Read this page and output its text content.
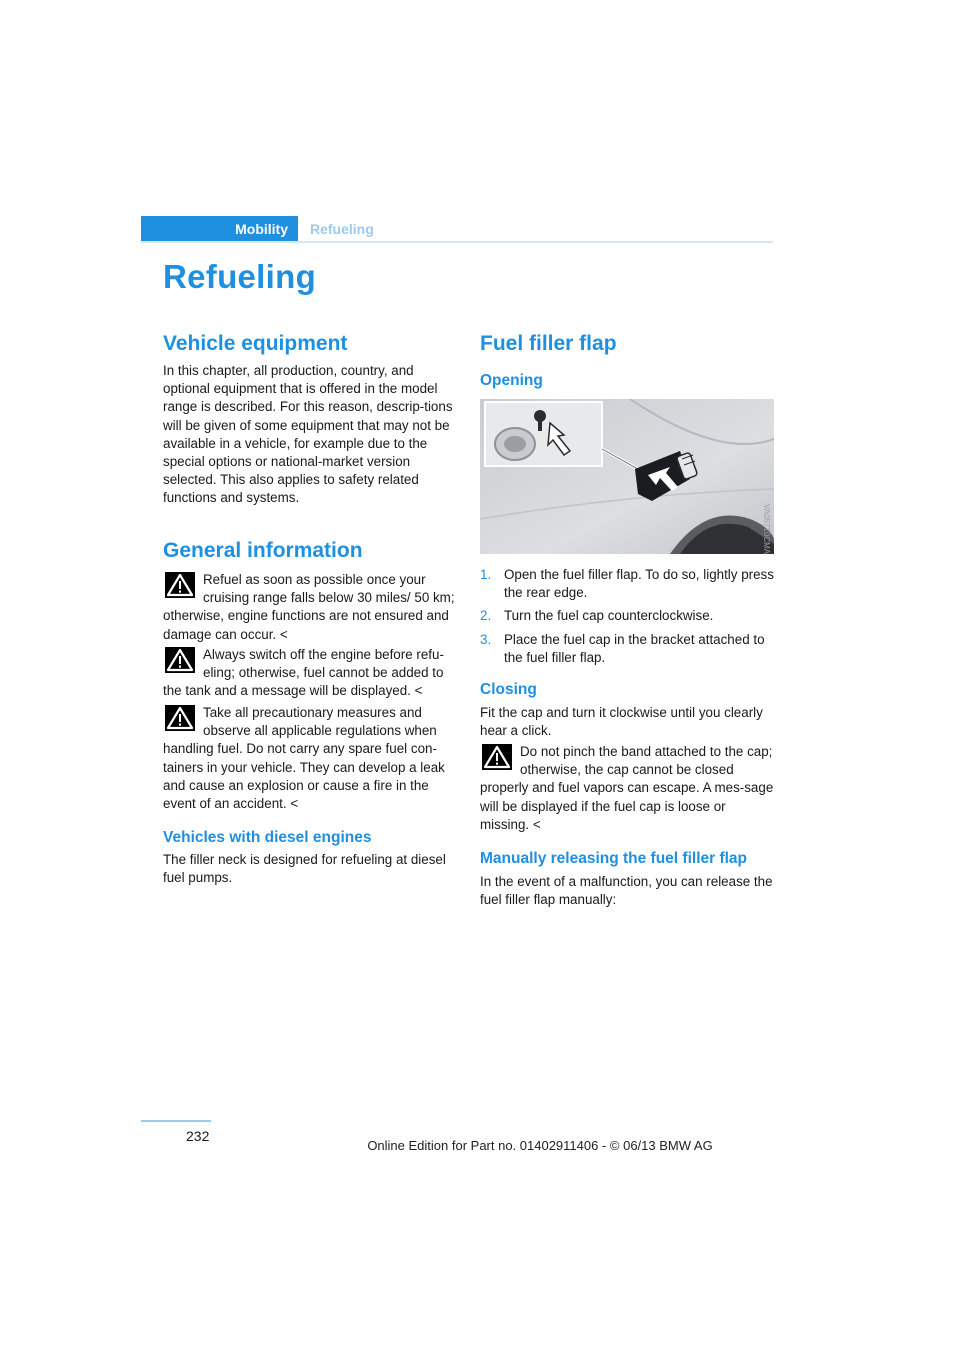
Mobility	Refueling
Refueling
Vehicle equipment

In this chapter, all production, country, and optional equipment that is offered in the model range is described. For this reason, descrip-tions will be given of some equipment that may not be available in a vehicle, for example due to the special options or national-market version selected. This also applies to safety related functions and systems.

General information
Refuel as soon as possible once your cruising range falls below 30 miles/ 50 km; otherwise, engine functions are not ensured and damage can occur. <
Always switch off the engine before refu-eling; otherwise, fuel cannot be added to the tank and a message will be displayed. <
Take all precautionary measures and observe all applicable regulations when handling fuel. Do not carry any spare fuel con-tainers in your vehicle. They can develop a leak and cause an explosion or cause a fire in the event of an accident. <
Vehicles with diesel engines

The filler neck is designed for refueling at diesel fuel pumps.

Fuel filler flap
Opening
VA05710CMA
1. Open the fuel filler flap. To do so, lightly press the rear edge.
2. Turn the fuel cap counterclockwise.
3. Place the fuel cap in the bracket attached to the fuel filler flap.
Closing

Fit the cap and turn it clockwise until you clearly hear a click.

Do not pinch the band attached to the cap; otherwise, the cap cannot be closed properly and fuel vapors can escape. A mes-sage will be displayed if the fuel cap is loose or missing. <
Manually releasing the fuel filler flap

In the event of a malfunction, you can release the fuel filler flap manually:

232
Online Edition for Part no. 01402911406 - © 06/13 BMW AG
